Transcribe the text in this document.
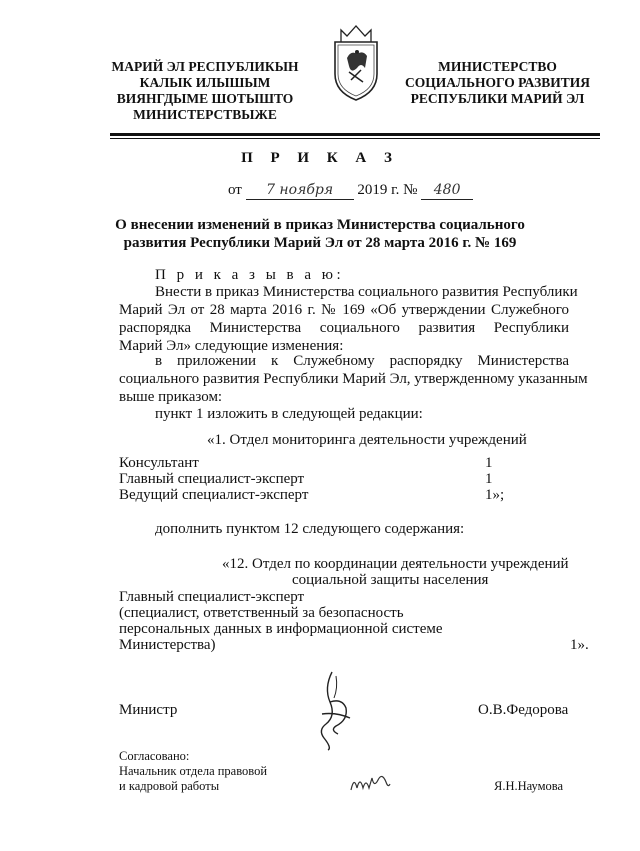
МАРИЙ ЭЛ РЕСПУБЛИКЫН
КАЛЫК ИЛЫШЫМ
ВИЯНГДЫМЕ ШОТЫШТО
МИНИСТЕРСТВЫЖЕ
МИНИСТЕРСТВО
СОЦИАЛЬНОГО РАЗВИТИЯ
РЕСПУБЛИКИ МАРИЙ ЭЛ
П Р И К А З
от 7 ноября 2019 г. № 480
О внесении изменений в приказ Министерства социального
развития Республики Марий Эл от 28 марта 2016 г. № 169
П р и к а з ы в а ю:
Внести в приказ Министерства социального развития Республики
Марий Эл от 28 марта 2016 г. № 169 «Об утверждении Служебного
распорядка Министерства социального развития Республики
Марий Эл» следующие изменения:
в приложении к Служебному распорядку Министерства
социального развития Республики Марий Эл, утвержденному указанным
выше приказом:
пункт 1 изложить в следующей редакции:
«1. Отдел мониторинга деятельности учреждений
Консультант	1
Главный специалист-эксперт	1
Ведущий специалист-эксперт	1»;
дополнить пунктом 12 следующего содержания:
«12. Отдел по координации деятельности учреждений
социальной защиты населения
Главный специалист-эксперт
(специалист, ответственный за безопасность
персональных данных в информационной системе
Министерства)	1».
Министр	О.В.Федорова
Согласовано:
Начальник отдела правовой
и кадровой работы	Я.Н.Наумова
